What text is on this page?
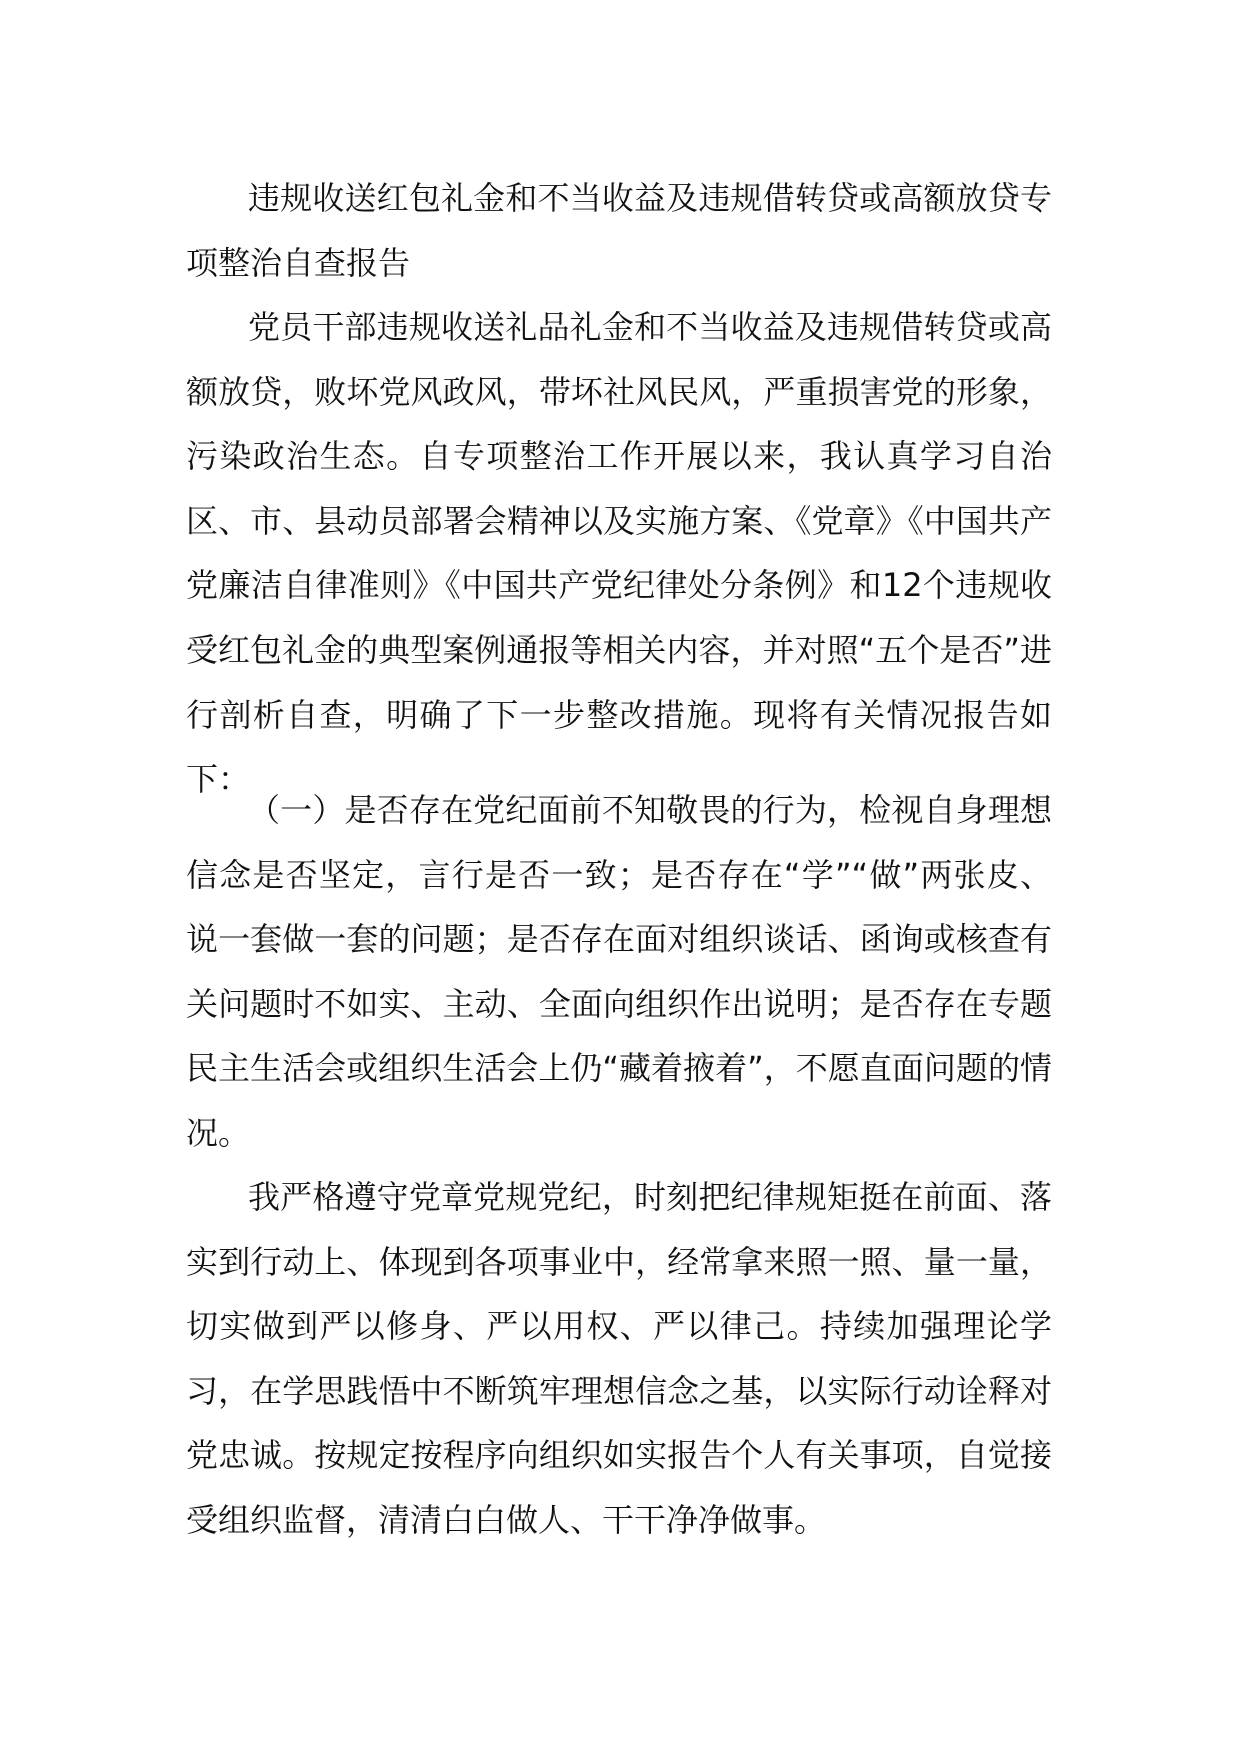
违规收送红包礼金和不当收益及违规借转贷或高额放贷专项整治自查报告

党员干部违规收送礼品礼金和不当收益及违规借转贷或高额放贷，败坏党风政风，带坏社风民风，严重损害党的形象，污染政治生态。自专项整治工作开展以来，我认真学习自治区、市、县动员部署会精神以及实施方案、《党章》《中国共产党廉洁自律准则》《中国共产党纪律处分条例》和12个违规收受红包礼金的典型案例通报等相关内容，并对照“五个是否”进行剖析自查，明确了下一步整改措施。现将有关情况报告如下：

（一）是否存在党纪面前不知敬畏的行为，检视自身理想信念是否坚定，言行是否一致；是否存在“学”“做”两张皮、说一套做一套的问题；是否存在面对组织谈话、函询或核查有关问题时不如实、主动、全面向组织作出说明；是否存在专题民主生活会或组织生活会上仍“藏着掖着”，不愿直面问题的情况。

我严格遵守党章党规党纪，时刻把纪律规矩挺在前面、落实到行动上、体现到各项事业中，经常拿来照一照、量一量，切实做到严以修身、严以用权、严以律己。持续加强理论学习，在学思践悟中不断筑牢理想信念之基，以实际行动诠释对党忠诚。按规定按程序向组织如实报告个人有关事项，自觉接受组织监督，清清白白做人、干干净净做事。
